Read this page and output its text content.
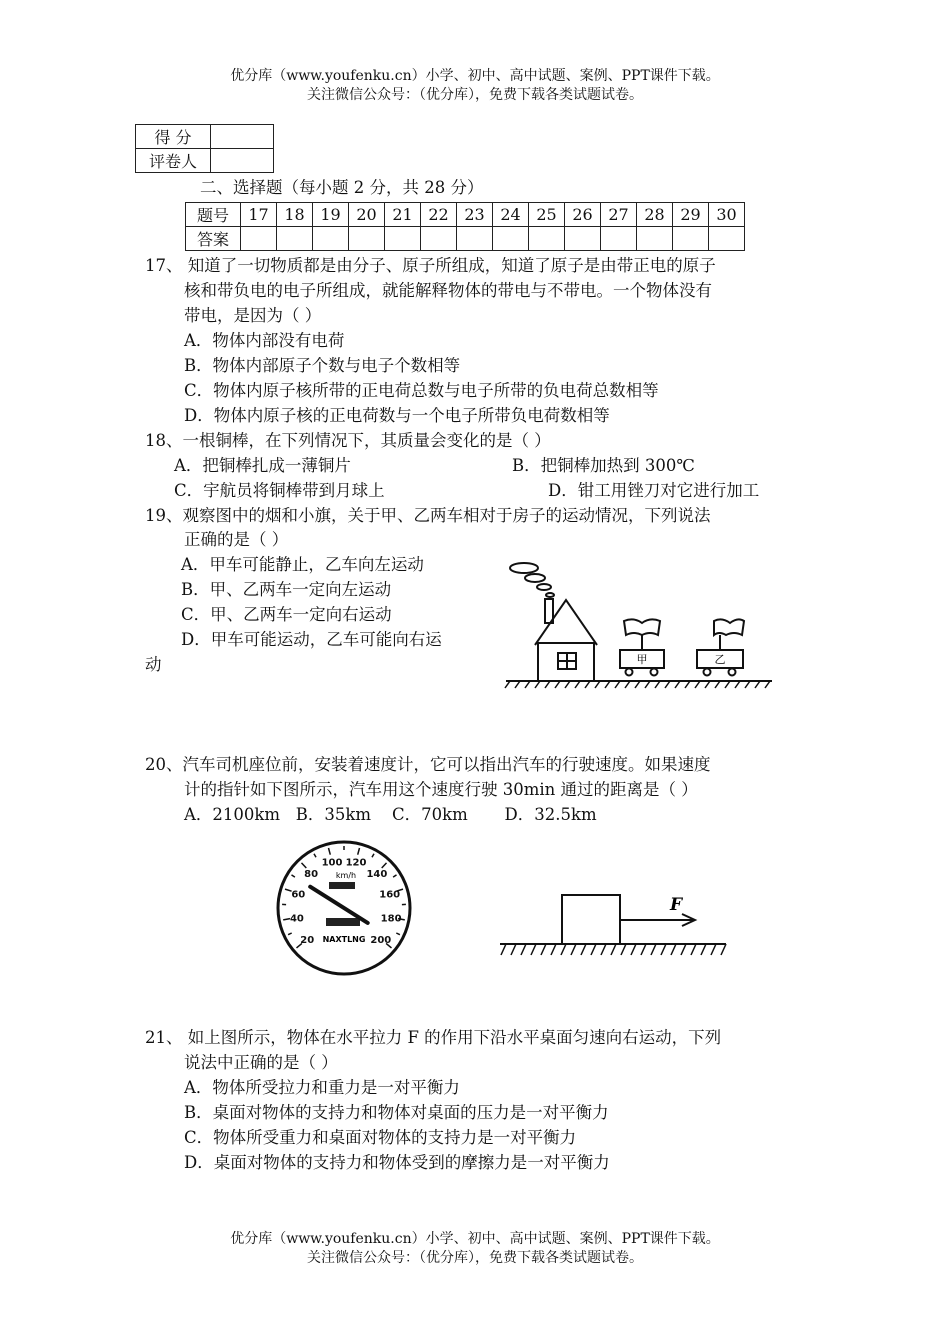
优分库（www.youfenku.cn）小学、初中、高中试题、案例、PPT课件下载。
关注微信公众号：（优分库），免费下载各类试题试卷。
得 分	
评卷人	
二、选择题（每小题 2 分，共 28 分）
题号	17	18	19	20	21	22	23	24	25	26	27	28	29	30
答案														
17、 知道了一切物质都是由分子、原子所组成，知道了原子是由带正电的原子
核和带负电的电子所组成，就能解释物体的带电与不带电。一个物体没有
带电，是因为（ ）
A．物体内部没有电荷
B．物体内部原子个数与电子个数相等
C．物体内原子核所带的正电荷总数与电子所带的负电荷总数相等
D．物体内原子核的正电荷数与一个电子所带负电荷数相等
18、一根铜棒，在下列情况下，其质量会变化的是（ ）
A．把铜棒扎成一薄铜片	B．把铜棒加热到 300℃
C．宇航员将铜棒带到月球上	D．钳工用锉刀对它进行加工
19、观察图中的烟和小旗，关于甲、乙两车相对于房子的运动情况，下列说法
正确的是（ ）
A．甲车可能静止，乙车向左运动
B．甲、乙两车一定向左运动
C．甲、乙两车一定向右运动
D．甲车可能运动，乙车可能向右运
动	甲	乙
20、汽车司机座位前，安装着速度计，它可以指出汽车的行驶速度。如果速度
计的指针如下图所示，汽车用这个速度行驶 30min 通过的距离是（ ）
A．2100km   B．35km    C．70km       D．32.5km
20
40
60
80
100 120
140
160
180
200
km/h
NAXTLNG
F
21、 如上图所示，物体在水平拉力 F 的作用下沿水平桌面匀速向右运动，下列
说法中正确的是（ ）
A．物体所受拉力和重力是一对平衡力
B．桌面对物体的支持力和物体对桌面的压力是一对平衡力
C．物体所受重力和桌面对物体的支持力是一对平衡力
D．桌面对物体的支持力和物体受到的摩擦力是一对平衡力
优分库（www.youfenku.cn）小学、初中、高中试题、案例、PPT课件下载。
关注微信公众号：（优分库），免费下载各类试题试卷。
